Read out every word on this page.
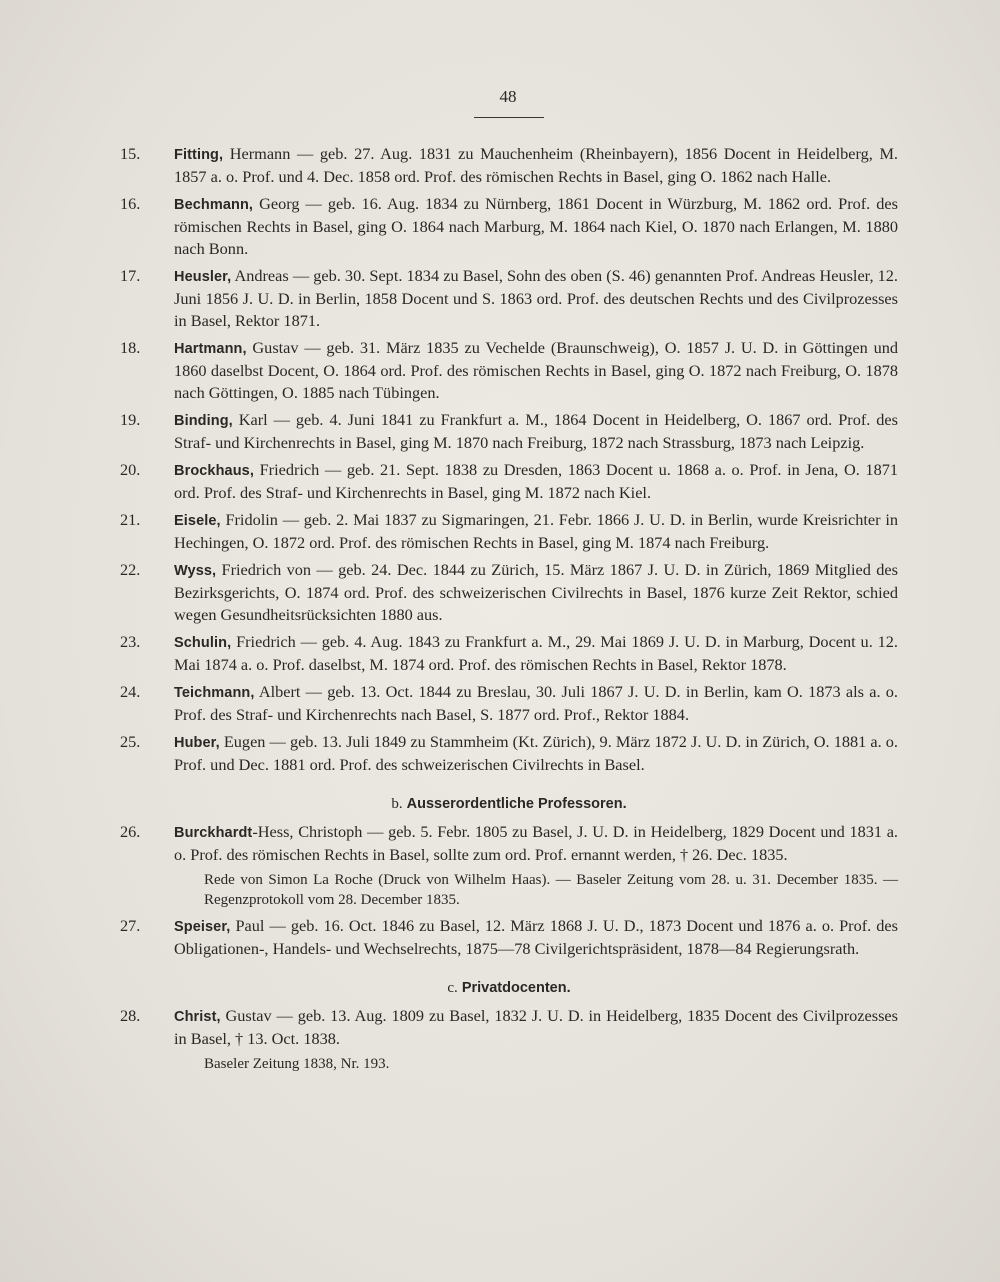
48
15. Fitting, Hermann — geb. 27. Aug. 1831 zu Mauchenheim (Rheinbayern), 1856 Docent in Heidelberg, M. 1857 a. o. Prof. und 4. Dec. 1858 ord. Prof. des römischen Rechts in Basel, ging O. 1862 nach Halle.
16. Bechmann, Georg — geb. 16. Aug. 1834 zu Nürnberg, 1861 Docent in Würzburg, M. 1862 ord. Prof. des römischen Rechts in Basel, ging O. 1864 nach Marburg, M. 1864 nach Kiel, O. 1870 nach Erlangen, M. 1880 nach Bonn.
17. Heusler, Andreas — geb. 30. Sept. 1834 zu Basel, Sohn des oben (S. 46) genannten Prof. Andreas Heusler, 12. Juni 1856 J. U. D. in Berlin, 1858 Docent und S. 1863 ord. Prof. des deutschen Rechts und des Civilprozesses in Basel, Rektor 1871.
18. Hartmann, Gustav — geb. 31. März 1835 zu Vechelde (Braunschweig), O. 1857 J. U. D. in Göttingen und 1860 daselbst Docent, O. 1864 ord. Prof. des römischen Rechts in Basel, ging O. 1872 nach Freiburg, O. 1878 nach Göttingen, O. 1885 nach Tübingen.
19. Binding, Karl — geb. 4. Juni 1841 zu Frankfurt a. M., 1864 Docent in Heidelberg, O. 1867 ord. Prof. des Straf- und Kirchenrechts in Basel, ging M. 1870 nach Freiburg, 1872 nach Strassburg, 1873 nach Leipzig.
20. Brockhaus, Friedrich — geb. 21. Sept. 1838 zu Dresden, 1863 Docent u. 1868 a. o. Prof. in Jena, O. 1871 ord. Prof. des Straf- und Kirchenrechts in Basel, ging M. 1872 nach Kiel.
21. Eisele, Fridolin — geb. 2. Mai 1837 zu Sigmaringen, 21. Febr. 1866 J. U. D. in Berlin, wurde Kreisrichter in Hechingen, O. 1872 ord. Prof. des römischen Rechts in Basel, ging M. 1874 nach Freiburg.
22. Wyss, Friedrich von — geb. 24. Dec. 1844 zu Zürich, 15. März 1867 J. U. D. in Zürich, 1869 Mitglied des Bezirksgerichts, O. 1874 ord. Prof. des schweizerischen Civilrechts in Basel, 1876 kurze Zeit Rektor, schied wegen Gesundheitsrücksichten 1880 aus.
23. Schulin, Friedrich — geb. 4. Aug. 1843 zu Frankfurt a. M., 29. Mai 1869 J. U. D. in Marburg, Docent u. 12. Mai 1874 a. o. Prof. daselbst, M. 1874 ord. Prof. des römischen Rechts in Basel, Rektor 1878.
24. Teichmann, Albert — geb. 13. Oct. 1844 zu Breslau, 30. Juli 1867 J. U. D. in Berlin, kam O. 1873 als a. o. Prof. des Straf- und Kirchenrechts nach Basel, S. 1877 ord. Prof., Rektor 1884.
25. Huber, Eugen — geb. 13. Juli 1849 zu Stammheim (Kt. Zürich), 9. März 1872 J. U. D. in Zürich, O. 1881 a. o. Prof. und Dec. 1881 ord. Prof. des schweizerischen Civilrechts in Basel.
b. Ausserordentliche Professoren.
26. Burckhardt-Hess, Christoph — geb. 5. Febr. 1805 zu Basel, J. U. D. in Heidelberg, 1829 Docent und 1831 a. o. Prof. des römischen Rechts in Basel, sollte zum ord. Prof. ernannt werden, † 26. Dec. 1835.
Rede von Simon La Roche (Druck von Wilhelm Haas). — Baseler Zeitung vom 28. u. 31. December 1835. — Regenzprotokoll vom 28. December 1835.
27. Speiser, Paul — geb. 16. Oct. 1846 zu Basel, 12. März 1868 J. U. D., 1873 Docent und 1876 a. o. Prof. des Obligationen-, Handels- und Wechselrechts, 1875—78 Civilgerichtspräsident, 1878—84 Regierungsrath.
c. Privatdocenten.
28. Christ, Gustav — geb. 13. Aug. 1809 zu Basel, 1832 J. U. D. in Heidelberg, 1835 Docent des Civilprozesses in Basel, † 13. Oct. 1838.
Baseler Zeitung 1838, Nr. 193.
